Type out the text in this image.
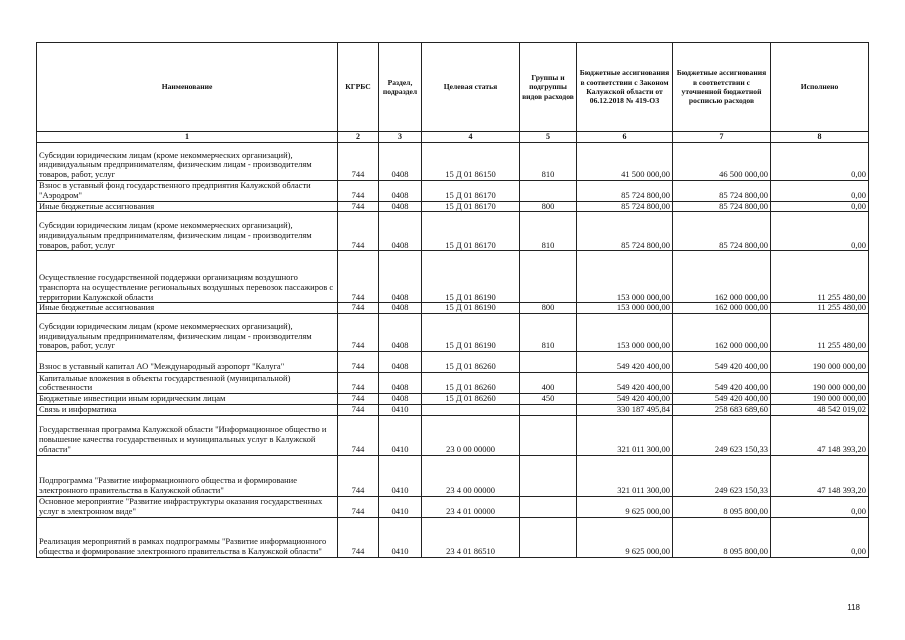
Наименование	КГРБС	Раздел, подраздел	Целевая статья	Группы и подгруппы видов расходов	Бюджетные ассигнования в соответствии с Законом Калужской области от 06.12.2018 № 419-ОЗ	Бюджетные ассигнования в соответствии с уточненной бюджетной росписью расходов	Исполнено
1	2	3	4	5	6	7	8
Субсидии юридическим лицам (кроме некоммерческих организаций), индивидуальным предпринимателям, физическим лицам - производителям товаров, работ, услуг	744	0408	15 Д 01 86150	810	41 500 000,00	46 500 000,00	0,00
Взнос в уставный фонд государственного предприятия Калужской области "Аэродром"	744	0408	15 Д 01 86170		85 724 800,00	85 724 800,00	0,00
Иные бюджетные ассигнования	744	0408	15 Д 01 86170	800	85 724 800,00	85 724 800,00	0,00
Субсидии юридическим лицам (кроме некоммерческих организаций), индивидуальным предпринимателям, физическим лицам - производителям товаров, работ, услуг	744	0408	15 Д 01 86170	810	85 724 800,00	85 724 800,00	0,00
Осуществление государственной поддержки организациям воздушного транспорта на осуществление региональных воздушных перевозок пассажиров с территории Калужской области	744	0408	15 Д 01 86190		153 000 000,00	162 000 000,00	11 255 480,00
Иные бюджетные ассигнования	744	0408	15 Д 01 86190	800	153 000 000,00	162 000 000,00	11 255 480,00
Субсидии юридическим лицам (кроме некоммерческих организаций), индивидуальным предпринимателям, физическим лицам - производителям товаров, работ, услуг	744	0408	15 Д 01 86190	810	153 000 000,00	162 000 000,00	11 255 480,00
Взнос в уставный капитал АО "Международный аэропорт "Калуга"	744	0408	15 Д 01 86260		549 420 400,00	549 420 400,00	190 000 000,00
Капитальные вложения в объекты государственной (муниципальной) собственности	744	0408	15 Д 01 86260	400	549 420 400,00	549 420 400,00	190 000 000,00
Бюджетные инвестиции иным юридическим лицам	744	0408	15 Д 01 86260	450	549 420 400,00	549 420 400,00	190 000 000,00
Связь и информатика	744	0410			330 187 495,84	258 683 689,60	48 542 019,02
Государственная программа Калужской области "Информационное общество и повышение качества государственных и муниципальных услуг в Калужской области"	744	0410	23 0 00 00000		321 011 300,00	249 623 150,33	47 148 393,20
Подпрограмма "Развитие информационного общества и формирование электронного правительства в Калужской области"	744	0410	23 4 00 00000		321 011 300,00	249 623 150,33	47 148 393,20
Основное мероприятие "Развитие инфраструктуры оказания государственных услуг в электронном виде"	744	0410	23 4 01 00000		9 625 000,00	8 095 800,00	0,00
Реализация мероприятий в рамках подпрограммы "Развитие информационного общества и формирование электронного правительства в Калужской области"	744	0410	23 4 01 86510		9 625 000,00	8 095 800,00	0,00
118
